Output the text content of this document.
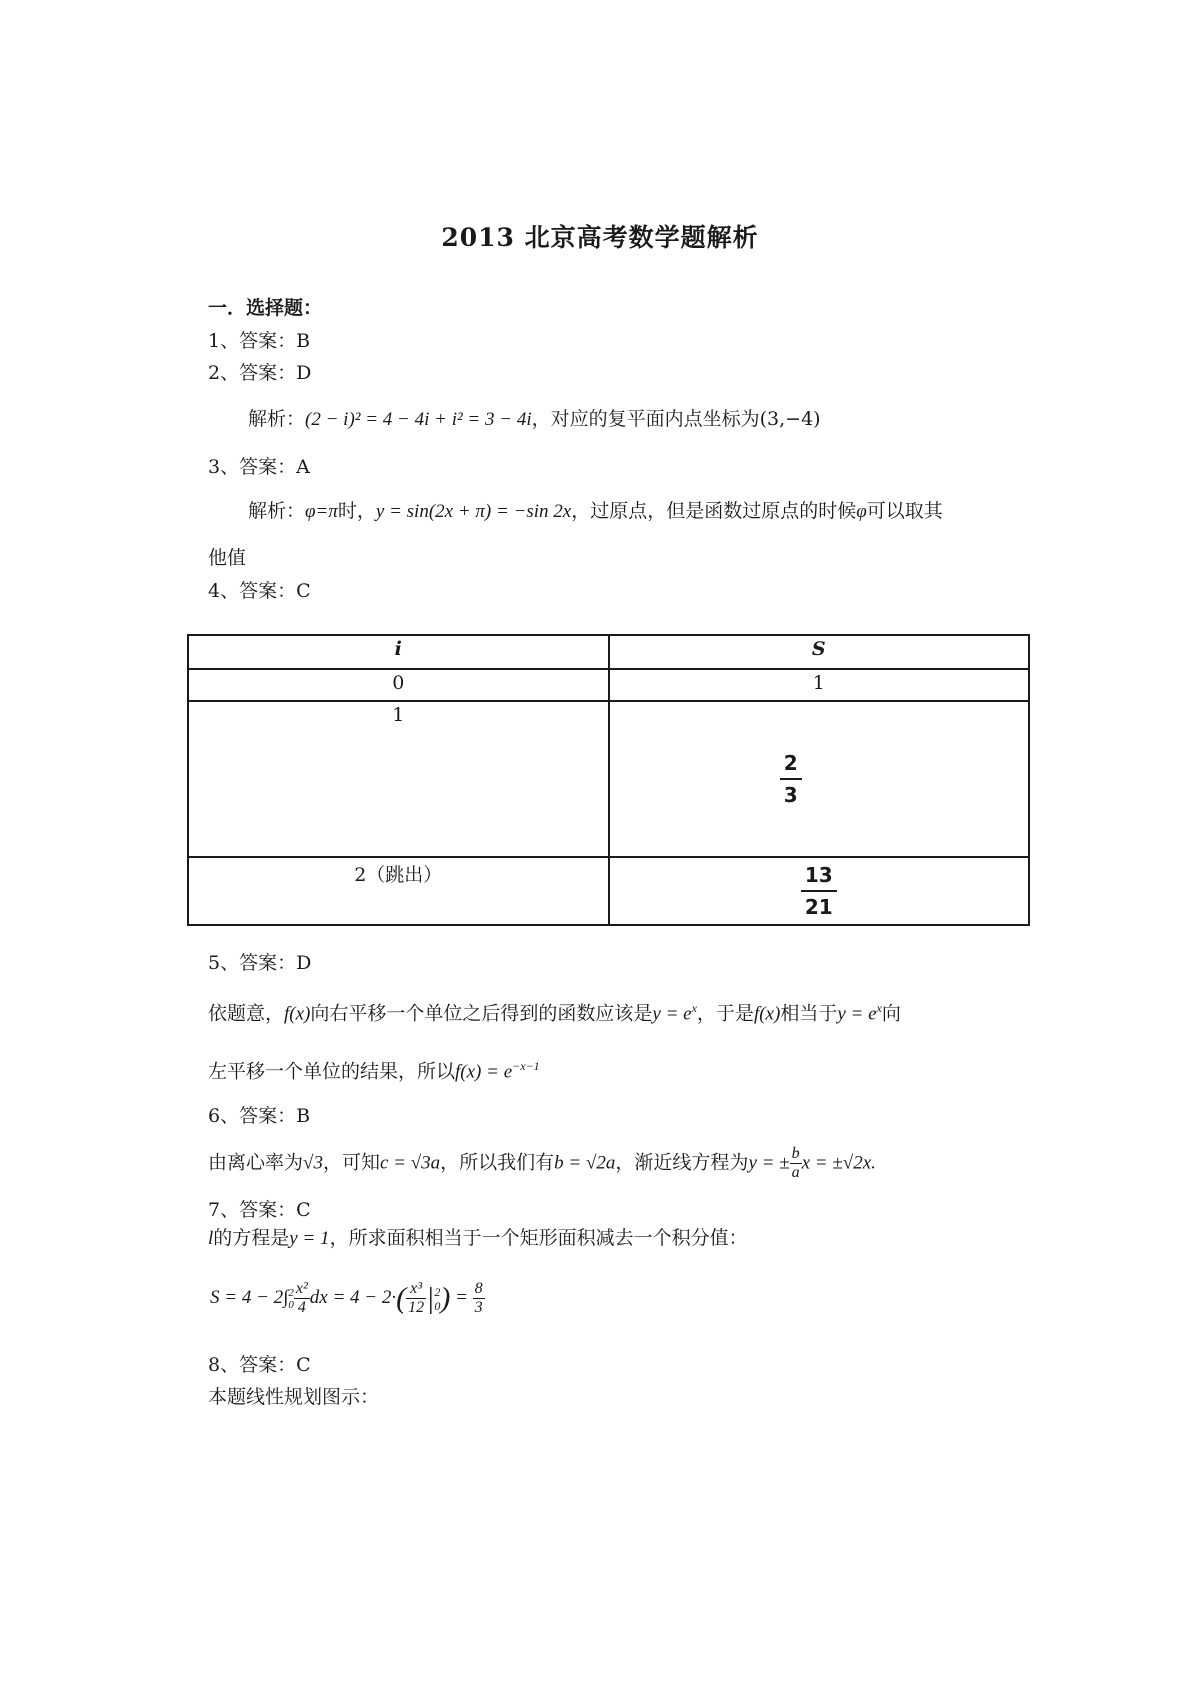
2013 北京高考数学题解析
一．选择题：
1、答案：B
2、答案：D
解析：(2 − i)² = 4 − 4i + i² = 3 − 4i，对应的复平面内点坐标为(3,−4)
3、答案：A
解析：φ=π时，y = sin(2x + π) = −sin 2x，过原点，但是函数过原点的时候φ可以取其
他值
4、答案：C
i	S
0	1
1	$\frac{2}{3}$

2（跳出）	$\frac{13}{21}$
5、答案：D
依题意，f(x)向右平移一个单位之后得到的函数应该是$y = e^x$，于是f(x)相当于$y = e^x$向
左平移一个单位的结果，所以$f(x) = e^{-x-1}$
6、答案：B
由离心率为√3，可知c = √3a，所以我们有b = √2a，渐近线方程为y = ± $\frac{b}{a}$ x = ±√2x.
7、答案：C
l的方程是y = 1，所求面积相当于一个矩形面积减去一个积分值：
S = 4 − 2∫ 2
$0 \frac{\text{x²}}{4}$ dx = $4 - 2\cdot( \frac{\text{x³}}{12}$ | 2
0 ) = $\frac{8}{3}$
8、答案：C
本题线性规划图示：
